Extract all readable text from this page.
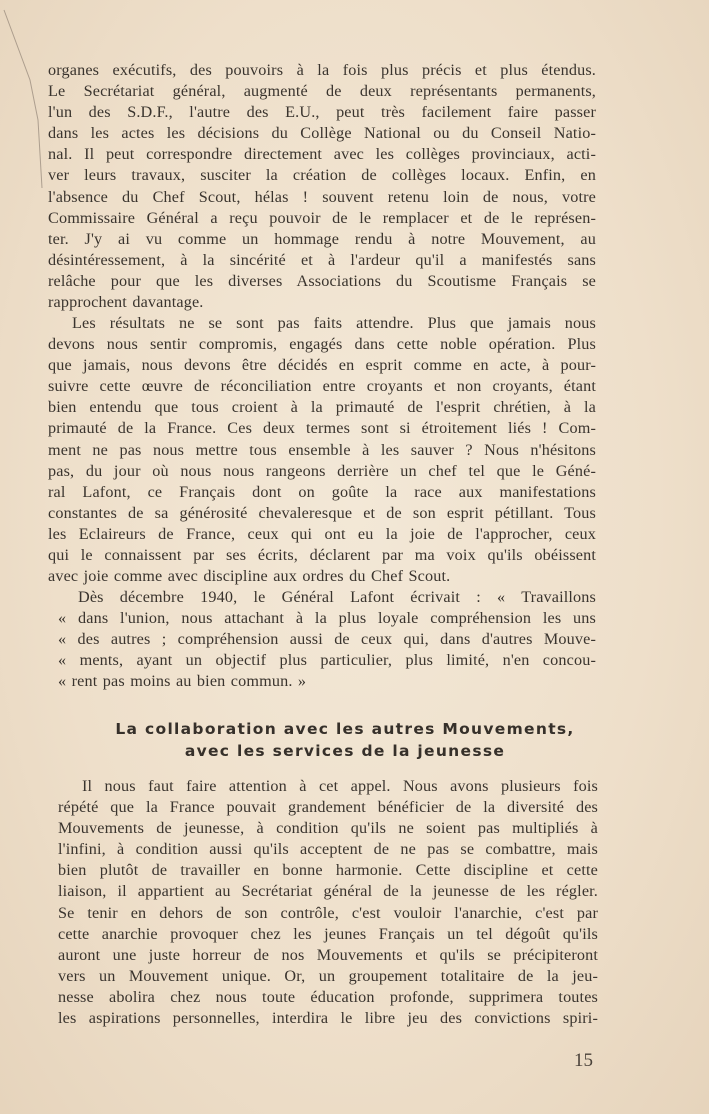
organes exécutifs, des pouvoirs à la fois plus précis et plus étendus.
Le Secrétariat général, augmenté de deux représentants permanents,
l'un des S.D.F., l'autre des E.U., peut très facilement faire passer
dans les actes les décisions du Collège National ou du Conseil Natio-
nal. Il peut correspondre directement avec les collèges provinciaux, acti-
ver leurs travaux, susciter la création de collèges locaux. Enfin, en
l'absence du Chef Scout, hélas ! souvent retenu loin de nous, votre
Commissaire Général a reçu pouvoir de le remplacer et de le représen-
ter. J'y ai vu comme un hommage rendu à notre Mouvement, au
désintéressement, à la sincérité et à l'ardeur qu'il a manifestés sans
relâche pour que les diverses Associations du Scoutisme Français se
rapprochent davantage.
Les résultats ne se sont pas faits attendre. Plus que jamais nous
devons nous sentir compromis, engagés dans cette noble opération. Plus
que jamais, nous devons être décidés en esprit comme en acte, à pour-
suivre cette œuvre de réconciliation entre croyants et non croyants, étant
bien entendu que tous croient à la primauté de l'esprit chrétien, à la
primauté de la France. Ces deux termes sont si étroitement liés ! Com-
ment ne pas nous mettre tous ensemble à les sauver ? Nous n'hésitons
pas, du jour où nous nous rangeons derrière un chef tel que le Géné-
ral Lafont, ce Français dont on goûte la race aux manifestations
constantes de sa générosité chevaleresque et de son esprit pétillant. Tous
les Eclaireurs de France, ceux qui ont eu la joie de l'approcher, ceux
qui le connaissent par ses écrits, déclarent par ma voix qu'ils obéissent
avec joie comme avec discipline aux ordres du Chef Scout.
Dès décembre 1940, le Général Lafont écrivait : « Travaillons
« dans l'union, nous attachant à la plus loyale compréhension les uns
« des autres ; compréhension aussi de ceux qui, dans d'autres Mouve-
« ments, ayant un objectif plus particulier, plus limité, n'en concou-
« rent pas moins au bien commun. »
La collaboration avec les autres Mouvements,
avec les services de la jeunesse
Il nous faut faire attention à cet appel. Nous avons plusieurs fois
répété que la France pouvait grandement bénéficier de la diversité des
Mouvements de jeunesse, à condition qu'ils ne soient pas multipliés à
l'infini, à condition aussi qu'ils acceptent de ne pas se combattre, mais
bien plutôt de travailler en bonne harmonie. Cette discipline et cette
liaison, il appartient au Secrétariat général de la jeunesse de les régler.
Se tenir en dehors de son contrôle, c'est vouloir l'anarchie, c'est par
cette anarchie provoquer chez les jeunes Français un tel dégoût qu'ils
auront une juste horreur de nos Mouvements et qu'ils se précipiteront
vers un Mouvement unique. Or, un groupement totalitaire de la jeu-
nesse abolira chez nous toute éducation profonde, supprimera toutes
les aspirations personnelles, interdira le libre jeu des convictions spiri-
15
